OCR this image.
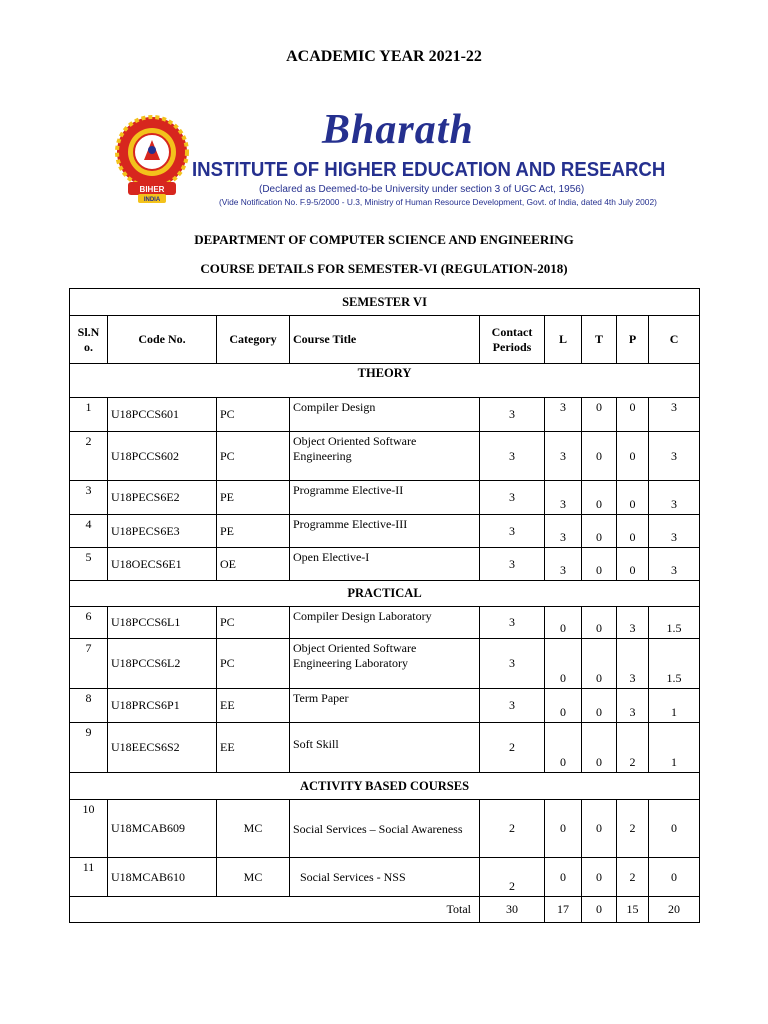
ACADEMIC YEAR 2021-22
BIHER
INDIA
Bharath
INSTITUTE OF HIGHER EDUCATION AND RESEARCH
(Declared as Deemed-to-be University under section 3 of UGC Act, 1956)
(Vide Notification No. F.9-5/2000 - U.3, Ministry of Human Resource Development, Govt. of India, dated 4th July 2002)
DEPARTMENT OF COMPUTER SCIENCE AND ENGINEERING
COURSE DETAILS FOR SEMESTER-VI (REGULATION-2018)
SEMESTER VI								
Sl.N o.	Code No.	Category	Course Title	Contact Periods	L	T	P	C
THEORY								
1	U18PCCS601	PC	Compiler Design	3	3	0	0	3
2	U18PCCS602	PC	Object Oriented Software Engineering	3	3	0	0	3
3	U18PECS6E2	PE	Programme Elective-II	3	3	0	0	3
4	U18PECS6E3	PE	Programme Elective-III	3	3	0	0	3
5	U18OECS6E1	OE	Open Elective-I	3	3	0	0	3
PRACTICAL								
6	U18PCCS6L1	PC	Compiler Design Laboratory	3	0	0	3	1.5
7	U18PCCS6L2	PC	Object Oriented Software Engineering Laboratory	3	0	0	3	1.5
8	U18PRCS6P1	EE	Term Paper	3	0	0	3	1
9	U18EECS6S2	EE	Soft Skill	2	0	0	2	1
ACTIVITY BASED COURSES								
10	U18MCAB609	MC	Social Services – Social Awareness	2	0	0	2	0
11	U18MCAB610	MC	Social Services - NSS	2	0	0	2	0
Total				30	17	0	15	20
